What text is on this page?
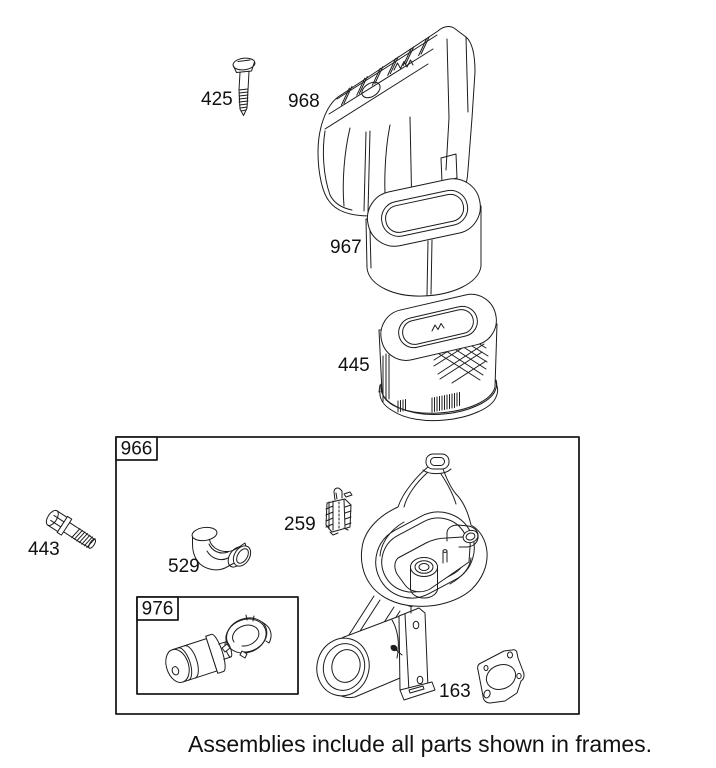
425	968
967
445
966
443
259
529
976
163
Assemblies include all parts shown in frames.
